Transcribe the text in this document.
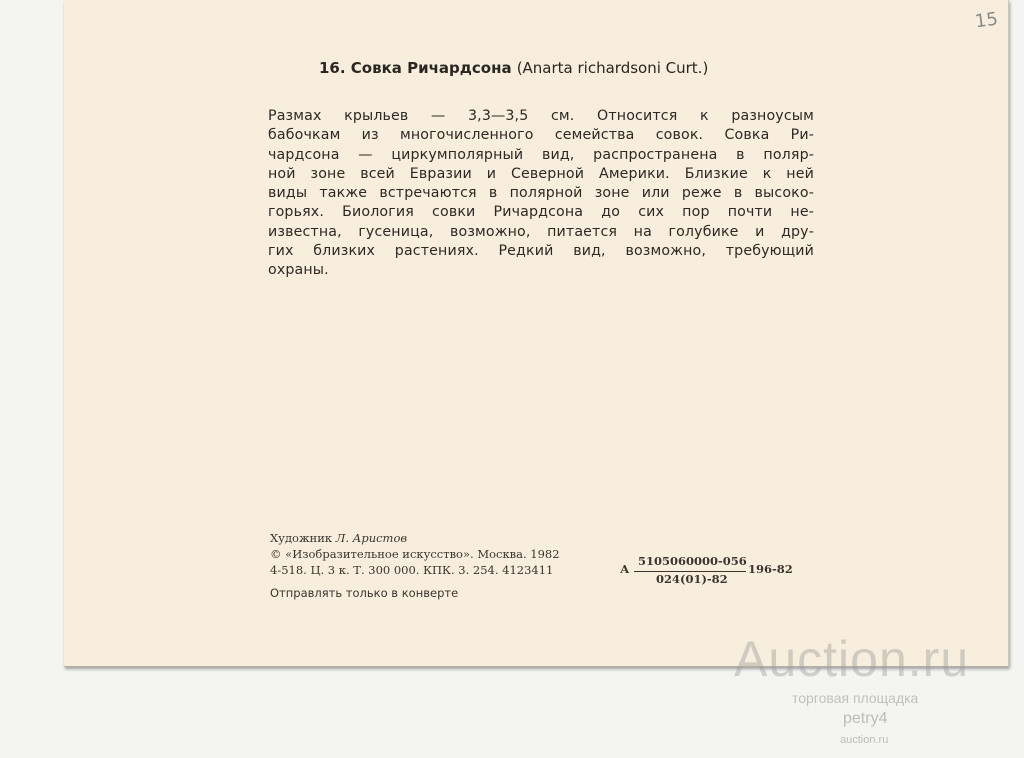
16. Совка Ричардсона (Anarta richardsoni Curt.)
Размах крыльев — 3,3—3,5 см. Относится к разноусым
бабочкам из многочисленного семейства совок. Совка Ри-
чардсона — циркумполярный вид, распространена в поляр-
ной зоне всей Евразии и Северной Америки. Близкие к ней
виды также встречаются в полярной зоне или реже в высоко-
горьях. Биология совки Ричардсона до сих пор почти не-
известна, гусеница, возможно, питается на голубике и дру-
гих близких растениях. Редкий вид, возможно, требующий
охраны.
Художник Л. Аристов
© «Изобразительное искусство». Москва. 1982
4-518. Ц. 3 к. Т. 300 000. КПК. 3. 254. 4123411	А
5105060000-056
024(01)-82
196-82
Отправлять только в конверте
15
Auction.ru
торговая площадка
petry4
auction.ru
